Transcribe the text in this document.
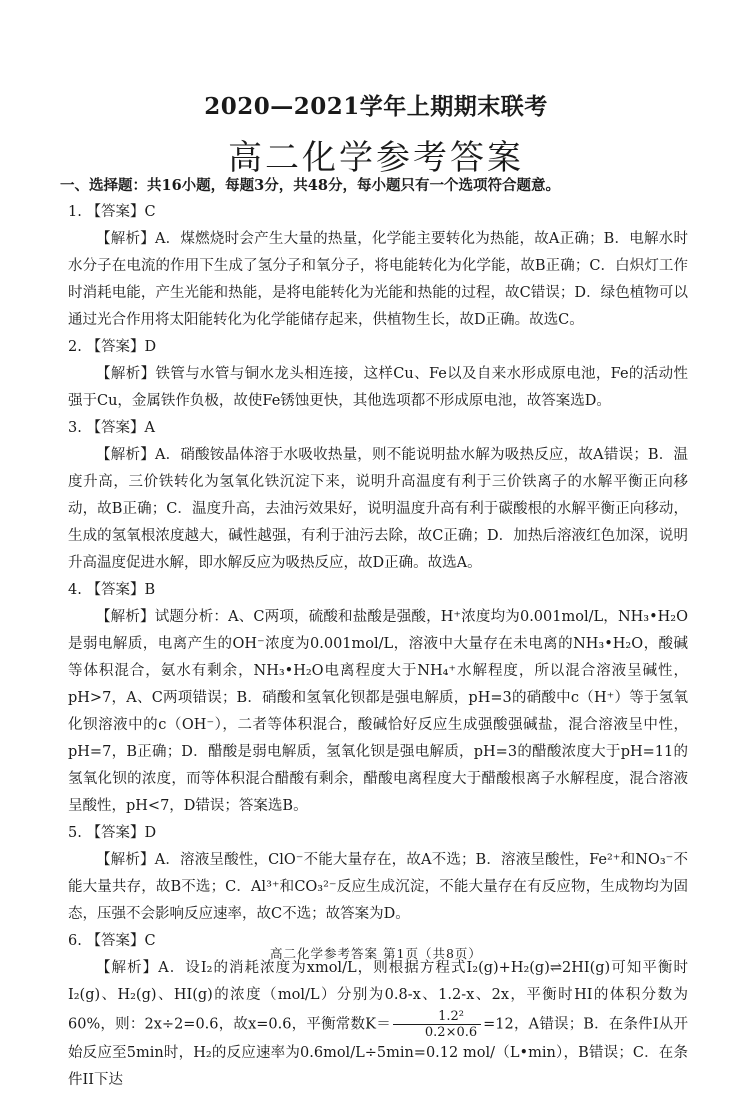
2020—2021学年上期期末联考
高二化学参考答案
一、选择题：共16小题，每题3分，共48分，每小题只有一个选项符合题意。
1. 【答案】C

【解析】A．煤燃烧时会产生大量的热量，化学能主要转化为热能，故A正确；B．电解水时水分子在电流的作用下生成了氢分子和氧分子，将电能转化为化学能，故B正确；C．白炽灯工作时消耗电能，产生光能和热能，是将电能转化为光能和热能的过程，故C错误；D．绿色植物可以通过光合作用将太阳能转化为化学能储存起来，供植物生长，故D正确。故选C。

2. 【答案】D

【解析】铁管与水管与铜水龙头相连接，这样Cu、Fe以及自来水形成原电池，Fe的活动性强于Cu，金属铁作负极，故使Fe锈蚀更快，其他选项都不形成原电池，故答案选D。

3. 【答案】A

【解析】A．硝酸铵晶体溶于水吸收热量，则不能说明盐水解为吸热反应，故A错误；B．温度升高，三价铁转化为氢氧化铁沉淀下来，说明升高温度有利于三价铁离子的水解平衡正向移动，故B正确；C．温度升高，去油污效果好，说明温度升高有利于碳酸根的水解平衡正向移动，生成的氢氧根浓度越大，碱性越强，有利于油污去除，故C正确；D．加热后溶液红色加深，说明升高温度促进水解，即水解反应为吸热反应，故D正确。故选A。

4. 【答案】B

【解析】试题分析：A、C两项，硫酸和盐酸是强酸，H⁺浓度均为0.001mol/L，NH₃•H₂O是弱电解质，电离产生的OH⁻浓度为0.001mol/L，溶液中大量存在未电离的NH₃•H₂O，酸碱等体积混合，氨水有剩余，NH₃•H₂O电离程度大于NH₄⁺水解程度，所以混合溶液呈碱性，pH>7，A、C两项错误；B．硝酸和氢氧化钡都是强电解质，pH=3的硝酸中c（H⁺）等于氢氧化钡溶液中的c（OH⁻），二者等体积混合，酸碱恰好反应生成强酸强碱盐，混合溶液呈中性，pH=7，B正确；D．醋酸是弱电解质，氢氧化钡是强电解质，pH=3的醋酸浓度大于pH=11的氢氧化钡的浓度，而等体积混合醋酸有剩余，醋酸电离程度大于醋酸根离子水解程度，混合溶液呈酸性，pH<7，D错误；答案选B。

5. 【答案】D

【解析】A．溶液呈酸性，ClO⁻不能大量存在，故A不选；B．溶液呈酸性，Fe²⁺和NO₃⁻不能大量共存，故B不选；C．Al³⁺和CO₃²⁻反应生成沉淀，不能大量存在有反应物，生成物均为固态，压强不会影响反应速率，故C不选；故答案为D。

6. 【答案】C

【解析】A．设I₂的消耗浓度为xmol/L，则根据方程式I₂(g)+H₂(g)⇌2HI(g)可知平衡时I₂(g)、H₂(g)、HI(g)的浓度（mol/L）分别为0.8-x、1.2-x、2x，平衡时HI的体积分数为60%，则：2x÷2=0.6，故x=0.6，平衡常数$K= \frac{\text{1.2²}}{0.2\times 0.6} =12$，A错误；B．在条件I从开始反应至5min时，H₂的反应速率为0.6mol/L÷5min=0.12 mol/（L•min），B错误；C．在条件II下达

高二化学参考答案 第1页（共8页）
